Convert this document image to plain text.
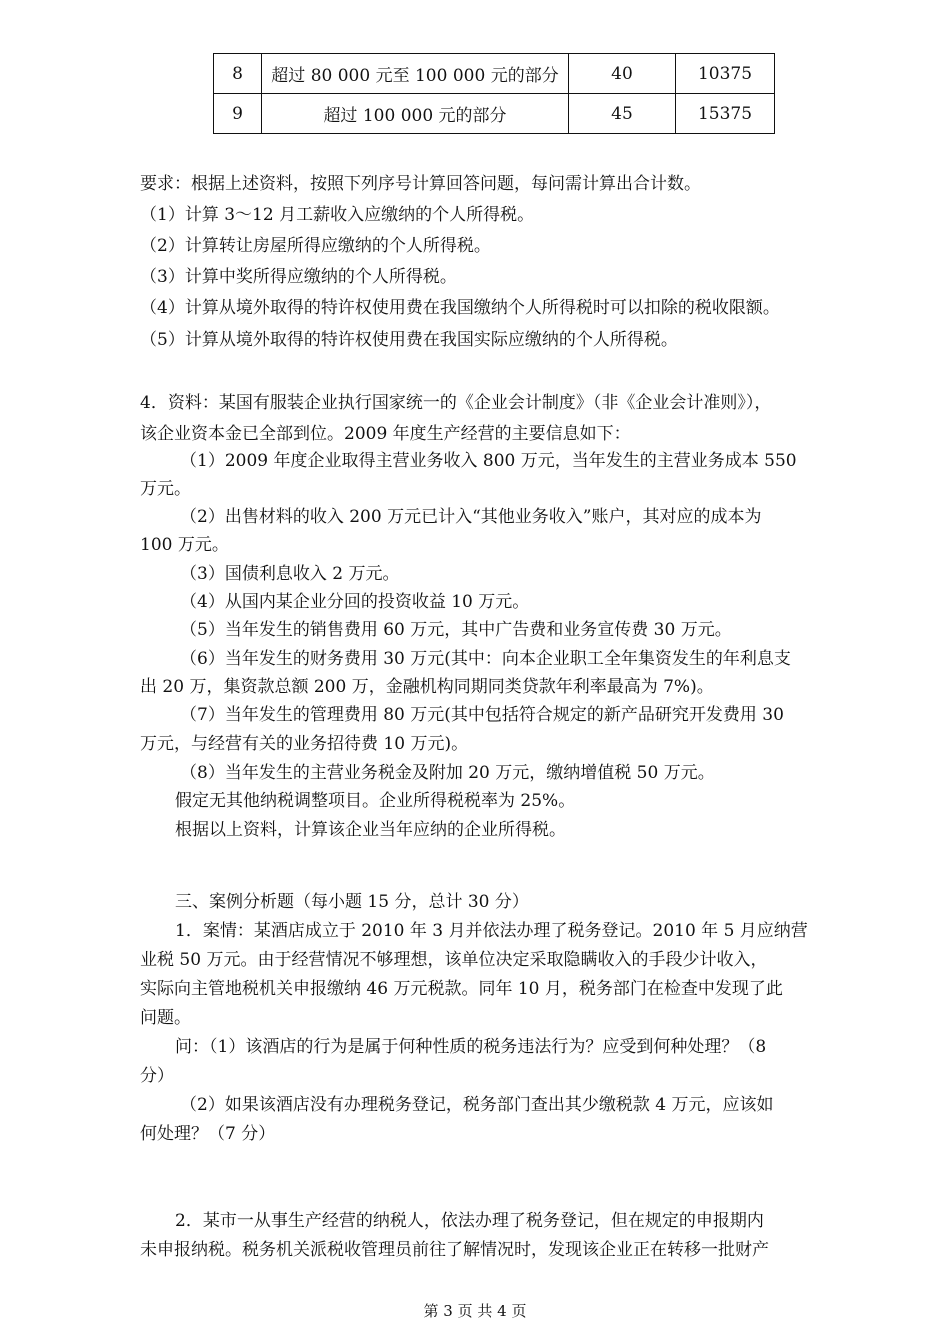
8	超过 80 000 元至 100 000 元的部分	40	10375
9	超过 100 000 元的部分	45	15375
要求：根据上述资料，按照下列序号计算回答问题，每问需计算出合计数。
（1）计算 3～12 月工薪收入应缴纳的个人所得税。
（2）计算转让房屋所得应缴纳的个人所得税。
（3）计算中奖所得应缴纳的个人所得税。
（4）计算从境外取得的特许权使用费在我国缴纳个人所得税时可以扣除的税收限额。
（5）计算从境外取得的特许权使用费在我国实际应缴纳的个人所得税。
4．资料：某国有服装企业执行国家统一的《企业会计制度》（非《企业会计准则》），
该企业资本金已全部到位。2009 年度生产经营的主要信息如下：
（1）2009 年度企业取得主营业务收入 800 万元，当年发生的主营业务成本 550
万元。
（2）出售材料的收入 200 万元已计入“其他业务收入”账户，其对应的成本为
100 万元。
（3）国债利息收入 2 万元。
（4）从国内某企业分回的投资收益 10 万元。
（5）当年发生的销售费用 60 万元，其中广告费和业务宣传费 30 万元。
（6）当年发生的财务费用 30 万元(其中：向本企业职工全年集资发生的年利息支
出 20 万，集资款总额 200 万，金融机构同期同类贷款年利率最高为 7%)。
（7）当年发生的管理费用 80 万元(其中包括符合规定的新产品研究开发费用 30
万元，与经营有关的业务招待费 10 万元)。
（8）当年发生的主营业务税金及附加 20 万元，缴纳增值税 50 万元。
假定无其他纳税调整项目。企业所得税税率为 25%。
根据以上资料，计算该企业当年应纳的企业所得税。
三、案例分析题（每小题 15 分，总计 30 分）
1．案情：某酒店成立于 2010 年 3 月并依法办理了税务登记。2010 年 5 月应纳营
业税 50 万元。由于经营情况不够理想，该单位决定采取隐瞒收入的手段少计收入，
实际向主管地税机关申报缴纳 46 万元税款。同年 10 月，税务部门在检查中发现了此
问题。
问：（1）该酒店的行为是属于何种性质的税务违法行为？应受到何种处理？（8
分）
（2）如果该酒店没有办理税务登记，税务部门查出其少缴税款 4 万元，应该如
何处理？（7 分）
2．某市一从事生产经营的纳税人，依法办理了税务登记，但在规定的申报期内
未申报纳税。税务机关派税收管理员前往了解情况时，发现该企业正在转移一批财产
第 3 页 共 4 页
